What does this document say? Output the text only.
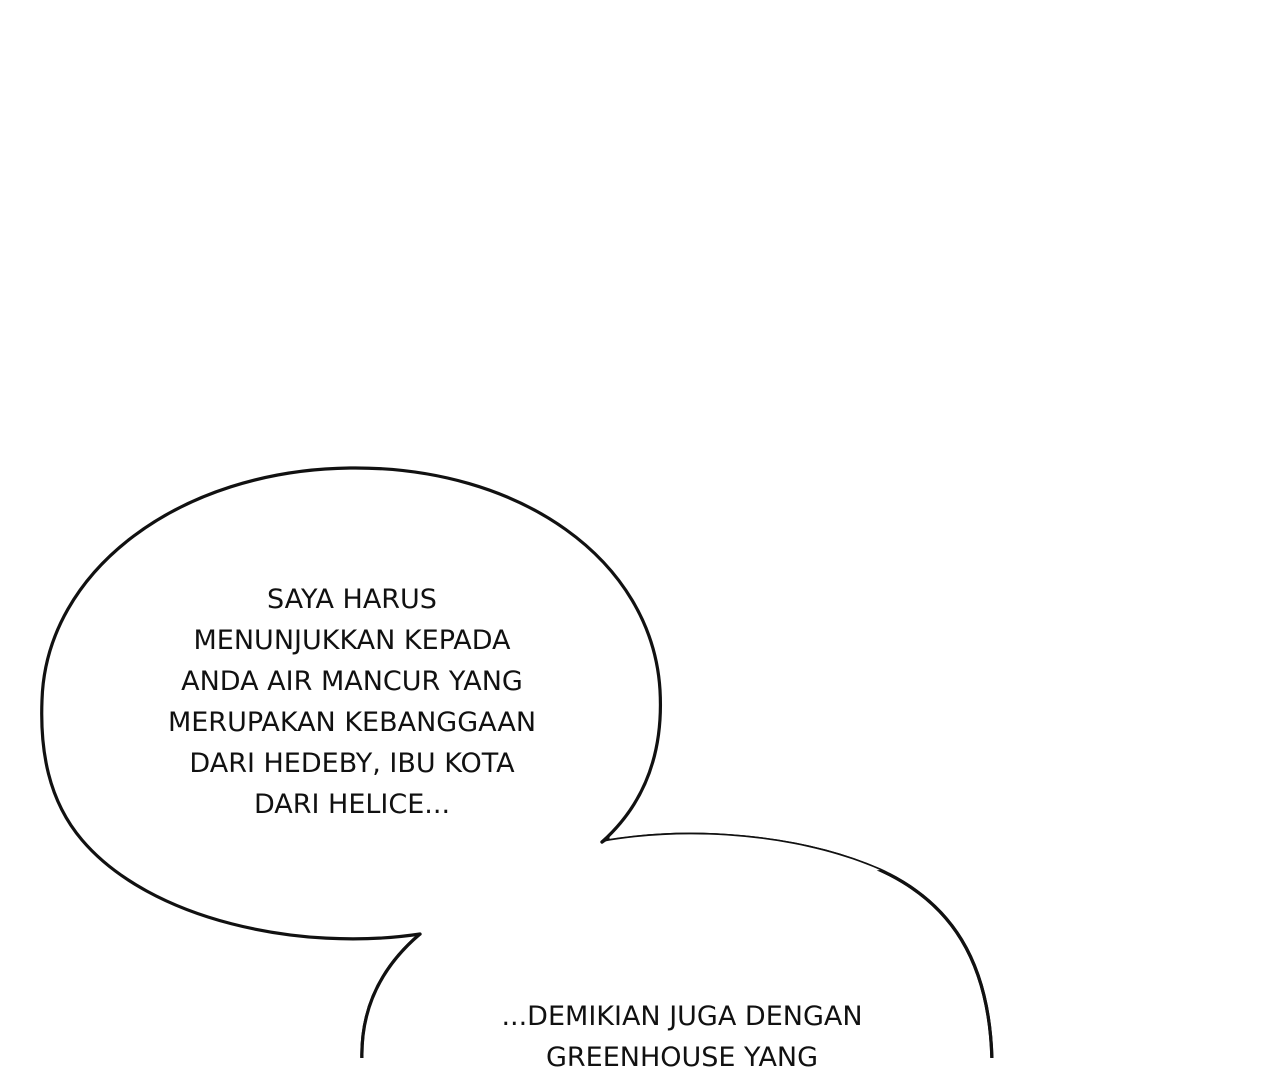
SAYA HARUS
MENUNJUKKAN KEPADA
ANDA AIR MANCUR YANG
MERUPAKAN KEBANGGAAN
DARI HEDEBY, IBU KOTA
DARI HELICE...
...DEMIKIAN JUGA DENGAN
GREENHOUSE YANG
